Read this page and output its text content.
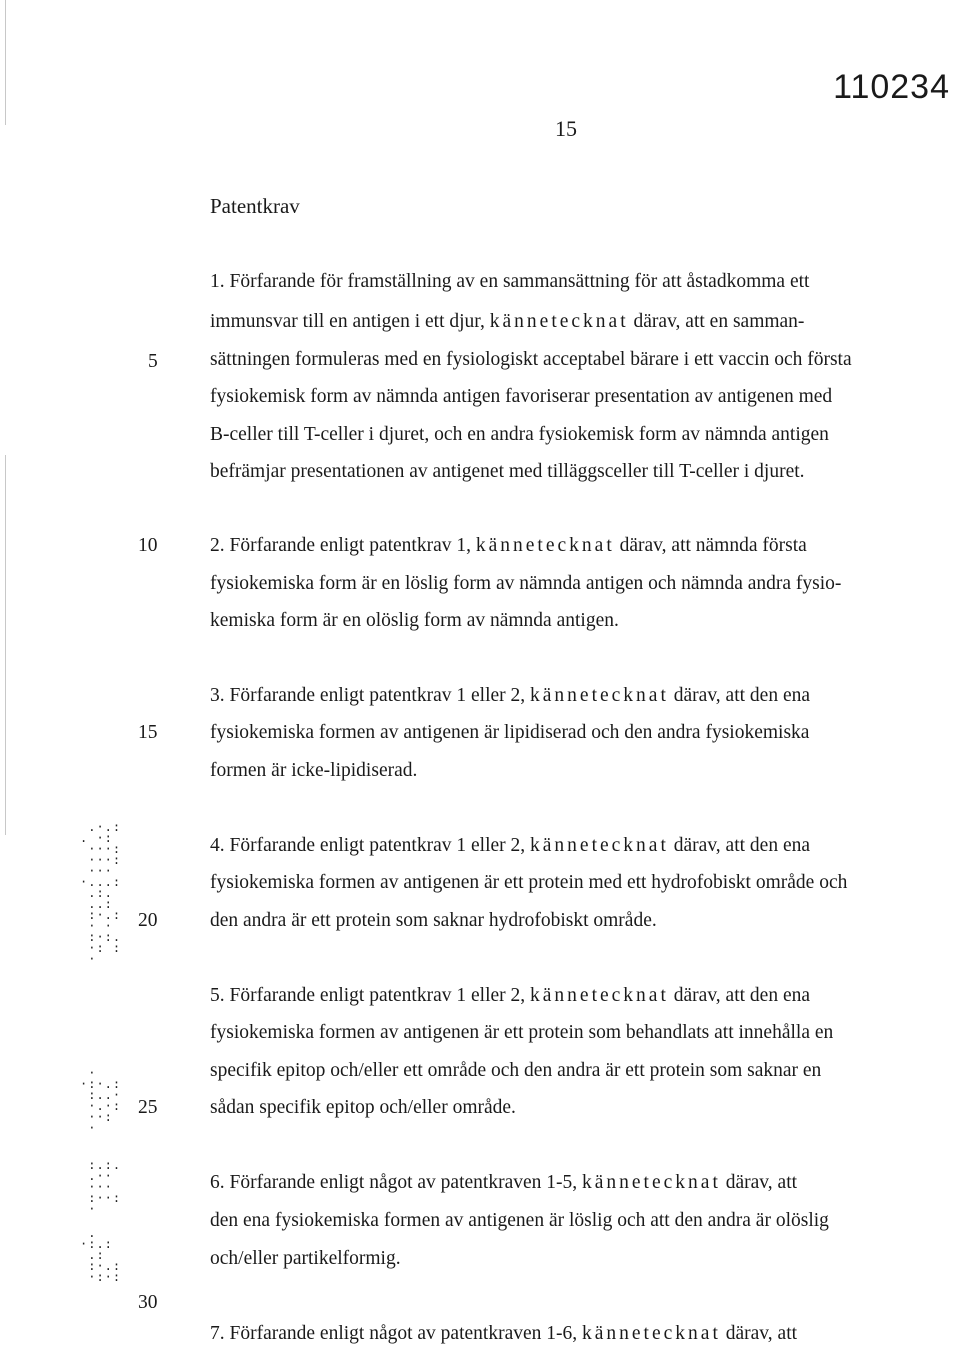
110234
15
Patentkrav
5
10
15
20
25
30
1. Förfarande för framställning av en sammansättning för att åstadkomma ett
immunsvar till en antigen i ett djur, kännetecknat därav, att en samman-
sättningen formuleras med en fysiologiskt acceptabel bärare i ett vaccin och första
fysiokemisk form av nämnda antigen favoriserar presentation av antigenen med
B-celler till T-celler i djuret, och en andra fysiokemisk form av nämnda antigen
befrämjar presentationen av antigenet med tilläggsceller till T-celler i djuret.
2. Förfarande enligt patentkrav 1, kännetecknat därav, att nämnda första
fysiokemiska form är en löslig form av nämnda antigen och nämnda andra fysio-
kemiska form är en olöslig form av nämnda antigen.
3. Förfarande enligt patentkrav 1 eller 2, kännetecknat därav, att den ena
fysiokemiska formen av antigenen är lipidiserad och den andra fysiokemiska
formen är icke-lipidiserad.
4. Förfarande enligt patentkrav 1 eller 2, kännetecknat därav, att den ena
fysiokemiska formen av antigenen är ett protein med ett hydrofobiskt område och
den andra är ett protein som saknar hydrofobiskt område.
5. Förfarande enligt patentkrav 1 eller 2, kännetecknat därav, att den ena
fysiokemiska formen av antigenen är ett protein som behandlats att innehålla en
specifik epitop och/eller ett område och den andra är ett protein som saknar en
sådan specifik epitop och/eller område.
6. Förfarande enligt något av patentkraven 1-5, kännetecknat därav, att
den ena fysiokemiska formen av antigenen är löslig och att den andra är olöslig
och/eller partikelformig.
7. Förfarande enligt något av patentkraven 1-6, kännetecknat därav, att
.·.:
. ·:
···:
···:
···
·...:
.:.
..:
:·.:
· ·
:·:.
·: :
·
·
·:·.:
:..·
·.·:
··:
·
:.:.
.··
···
:··:
·
.
·:.:
.:
:·.:
·:·:
